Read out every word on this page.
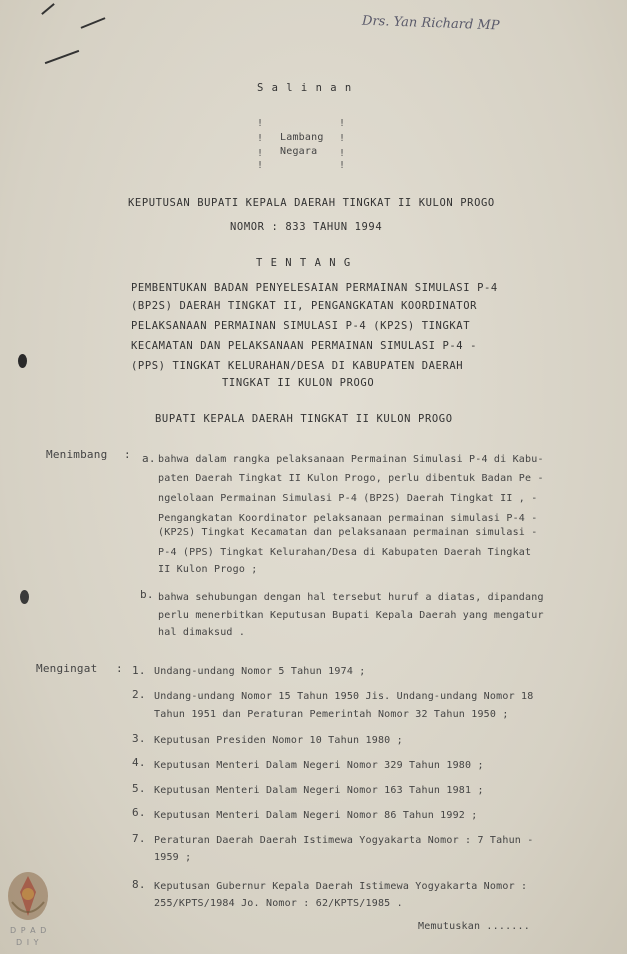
Drs. Yan Richard MP
S a l i n a n
!
!
!
!
!
!
!
!
Lambang
Negara
KEPUTUSAN BUPATI KEPALA DAERAH TINGKAT II KULON PROGO
NOMOR : 833 TAHUN 1994
T E N T A N G
PEMBENTUKAN BADAN PENYELESAIAN PERMAINAN SIMULASI P-4
(BP2S) DAERAH TINGKAT II, PENGANGKATAN KOORDINATOR
PELAKSANAAN PERMAINAN SIMULASI P-4 (KP2S) TINGKAT
KECAMATAN DAN PELAKSANAAN PERMAINAN SIMULASI P-4 -
(PPS) TINGKAT KELURAHAN/DESA DI KABUPATEN DAERAH
TINGKAT II KULON PROGO
BUPATI KEPALA DAERAH TINGKAT II KULON PROGO
Menimbang : a. bahwa dalam rangka pelaksanaan Permainan Simulasi P-4 di Kabu-
paten Daerah Tingkat II Kulon Progo, perlu dibentuk Badan Pe -
ngelolaan Permainan Simulasi P-4 (BP2S) Daerah Tingkat II , -
Pengangkatan Koordinator pelaksanaan permainan simulasi P-4 -
(KP2S) Tingkat Kecamatan dan pelaksanaan permainan simulasi -
P-4 (PPS) Tingkat Kelurahan/Desa di Kabupaten Daerah Tingkat
II Kulon Progo ;
b. bahwa sehubungan dengan hal tersebut huruf a diatas, dipandang
perlu menerbitkan Keputusan Bupati Kepala Daerah yang mengatur
hal dimaksud .
Mengingat : 1. Undang-undang Nomor 5 Tahun 1974 ;
2. Undang-undang Nomor 15 Tahun 1950 Jis. Undang-undang Nomor 18
Tahun 1951 dan Peraturan Pemerintah Nomor 32 Tahun 1950 ;
3. Keputusan Presiden Nomor 10 Tahun 1980 ;
4. Keputusan Menteri Dalam Negeri Nomor 329 Tahun 1980 ;
5. Keputusan Menteri Dalam Negeri Nomor 163 Tahun 1981 ;
6. Keputusan Menteri Dalam Negeri Nomor 86 Tahun 1992 ;
7. Peraturan Daerah Daerah Istimewa Yogyakarta Nomor : 7 Tahun -
1959 ;
8. Keputusan Gubernur Kepala Daerah Istimewa Yogyakarta Nomor :
255/KPTS/1984 Jo. Nomor : 62/KPTS/1985 .
Memutuskan .......
D P A D
D I Y
